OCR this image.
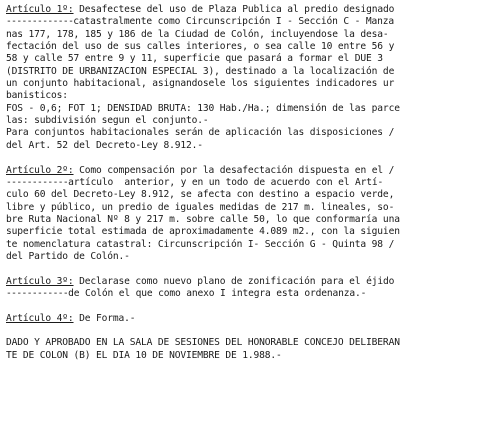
Artículo 1º: Desafectese del uso de Plaza Publica al predio designado
-------------catastralmente como Circunscripción I - Sección C - Manza
nas 177, 178, 185 y 186 de la Ciudad de Colón, incluyendose la desa-
fectación del uso de sus calles interiores, o sea calle 10 entre 56 y
58 y calle 57 entre 9 y 11, superficie que pasará a formar el DUE 3
(DISTRITO DE URBANIZACION ESPECIAL 3), destinado a la localización de
un conjunto habitacional, asignandosele los siguientes indicadores ur
banisticos:
FOS - 0,6; FOT 1; DENSIDAD BRUTA: 130 Hab./Ha.; dimensión de las parce
las: subdivisión segun el conjunto.-
Para conjuntos habitacionales serán de aplicación las disposiciones /
del Art. 52 del Decreto-Ley 8.912.-
Artículo 2º: Como compensación por la desafectación dispuesta en el /
------------artículo  anterior, y en un todo de acuerdo con el Artí-
culo 60 del Decreto-Ley 8.912, se afecta con destino a espacio verde,
libre y público, un predio de iguales medidas de 217 m. lineales, so-
bre Ruta Nacional Nº 8 y 217 m. sobre calle 50, lo que conformaría una
superficie total estimada de aproximadamente 4.089 m2., con la siguien
te nomenclatura catastral: Circunscripción I- Sección G - Quinta 98 /
del Partido de Colón.-
Artículo 3º: Declarase como nuevo plano de zonificación para el éjido
------------de Colón el que como anexo I integra esta ordenanza.-
Artículo 4º: De Forma.-
DADO Y APROBADO EN LA SALA DE SESIONES DEL HONORABLE CONCEJO DELIBERAN
TE DE COLON (B) EL DIA 10 DE NOVIEMBRE DE 1.988.-
